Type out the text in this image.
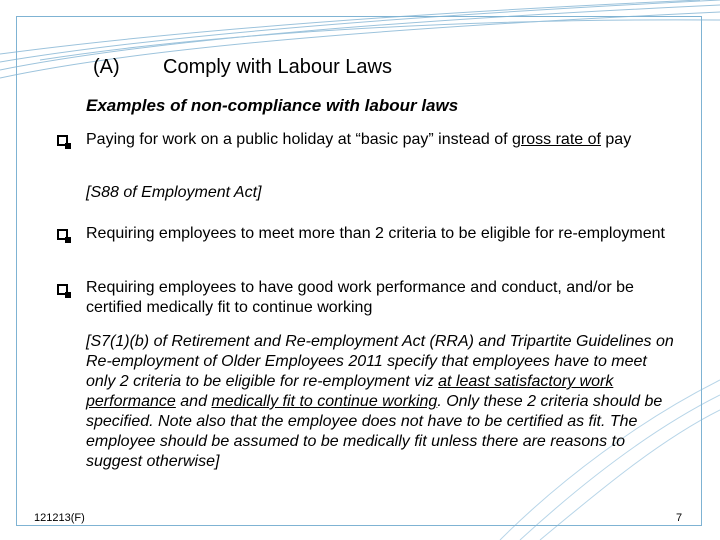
(A) Comply with Labour Laws
Examples of non-compliance with labour laws
Paying for work on a public holiday at “basic pay” instead of gross rate of pay
[S88 of Employment Act]
Requiring employees to meet more than 2 criteria to be eligible for re-employment
Requiring employees to have good work performance and conduct, and/or be certified medically fit to continue working
[S7(1)(b) of Retirement and Re-employment Act (RRA) and Tripartite Guidelines on Re-employment of Older Employees 2011 specify that employees have to meet only 2 criteria to be eligible for re-employment viz at least satisfactory work performance and medically fit to continue working. Only these 2 criteria should be specified. Note also that the employee does not have to be certified as fit. The employee should be assumed to be medically fit unless there are reasons to suggest otherwise]
121213(F)	7
